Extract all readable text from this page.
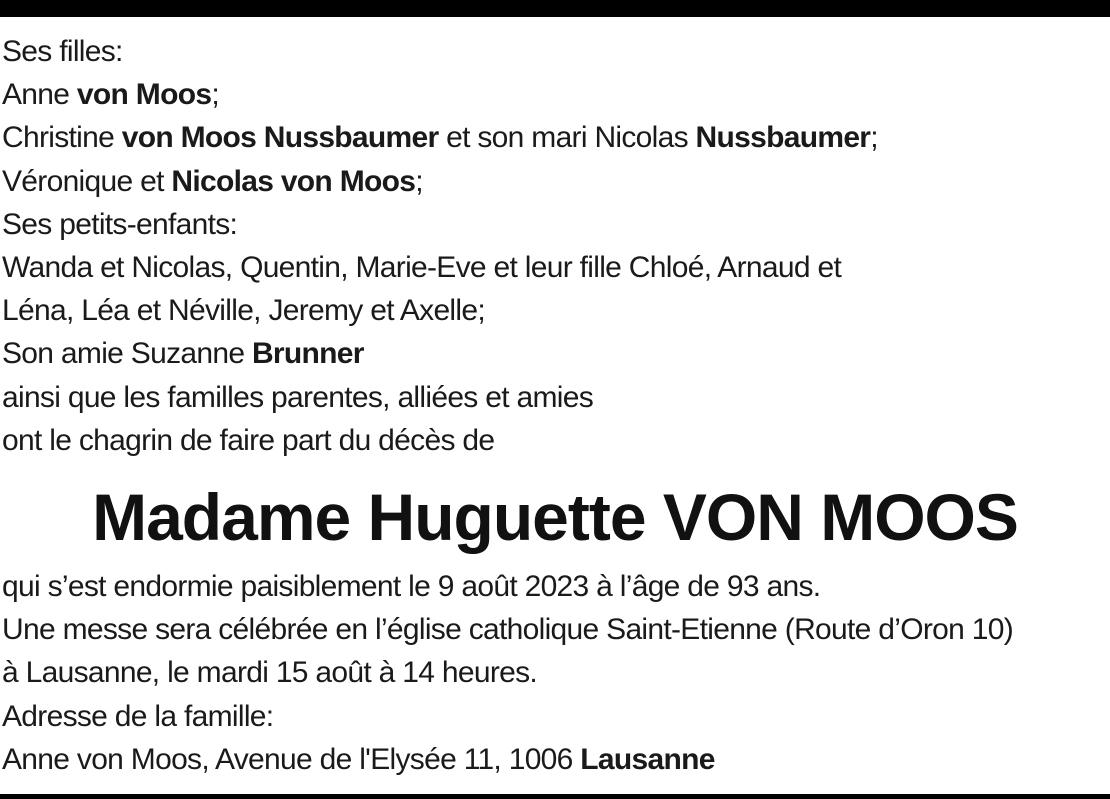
Ses filles:
Anne von Moos;
Christine von Moos Nussbaumer et son mari Nicolas Nussbaumer;
Véronique et Nicolas von Moos;
Ses petits-enfants:
Wanda et Nicolas, Quentin, Marie-Eve et leur fille Chloé, Arnaud et
Léna, Léa et Néville, Jeremy et Axelle;
Son amie Suzanne Brunner
ainsi que les familles parentes, alliées et amies
ont le chagrin de faire part du décès de
Madame Huguette VON MOOS
qui s’est endormie paisiblement le 9 août 2023 à l’âge de 93 ans.
Une messe sera célébrée en l’église catholique Saint-Etienne (Route d’Oron 10)
à Lausanne, le mardi 15 août à 14 heures.
Adresse de la famille:
Anne von Moos, Avenue de l'Elysée 11, 1006 Lausanne
